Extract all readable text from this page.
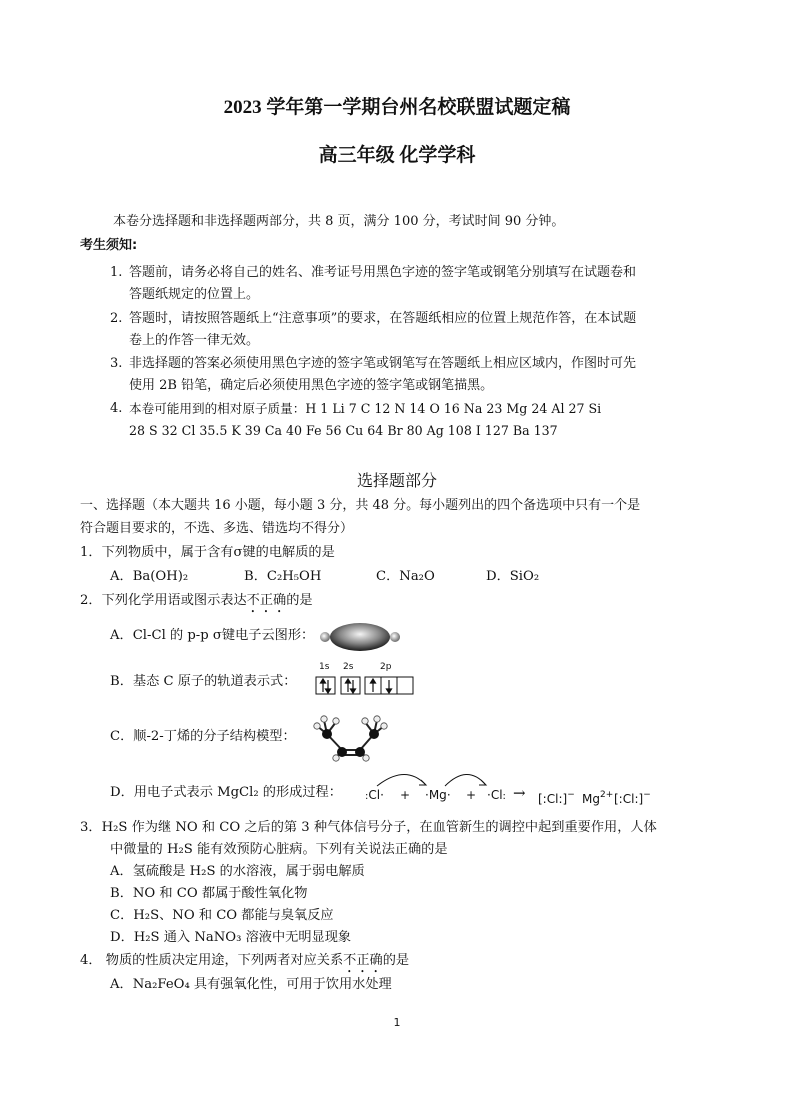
2023 学年第一学期台州名校联盟试题定稿
高三年级 化学学科
本卷分选择题和非选择题两部分，共 8 页，满分 100 分，考试时间 90 分钟。
考生须知:
1. 答题前，请务必将自己的姓名、准考证号用黑色字迹的签字笔或钢笔分别填写在试题卷和
答题纸规定的位置上。
2. 答题时，请按照答题纸上“注意事项”的要求，在答题纸相应的位置上规范作答，在本试题
卷上的作答一律无效。
3. 非选择题的答案必须使用黑色字迹的签字笔或钢笔写在答题纸上相应区域内，作图时可先
使用 2B 铅笔，确定后必须使用黑色字迹的签字笔或钢笔描黑。
4. 本卷可能用到的相对原子质量：H 1 Li 7 C 12 N 14 O 16 Na 23 Mg 24 Al 27 Si
28 S 32 Cl 35.5 K 39 Ca 40 Fe 56 Cu 64 Br 80 Ag 108 I 127 Ba 137
选择题部分
一、选择题（本大题共 16 小题，每小题 3 分，共 48 分。每小题列出的四个备选项中只有一个是
符合题目要求的，不选、多选、错选均不得分）
1．下列物质中，属于含有σ键的电解质的是
A．Ba(OH)₂	B．C₂H₅OH	C．Na₂O	D．SiO₂
2．下列化学用语或图示表达不正确的是
A．Cl-Cl 的 p-p σ键电子云图形：
B．基态 C 原子的轨道表示式：
1s 2s	2p
C．顺-2-丁烯的分子结构模型：
D．用电子式表示 MgCl₂ 的形成过程： :Cl· + ·Mg· + ·Cl: → [:Cl:]− $Mg^{2+}$ [:Cl:]−
3．H₂S 作为继 NO 和 CO 之后的第 3 种气体信号分子，在血管新生的调控中起到重要作用，人体
中微量的 H₂S 能有效预防心脏病。下列有关说法正确的是
A．氢硫酸是 H₂S 的水溶液，属于弱电解质
B．NO 和 CO 都属于酸性氧化物
C．H₂S、NO 和 CO 都能与臭氧反应
D．H₂S 通入 NaNO₃ 溶液中无明显现象
4． 物质的性质决定用途，下列两者对应关系不正确的是
A．Na₂FeO₄ 具有强氧化性，可用于饮用水处理
1
